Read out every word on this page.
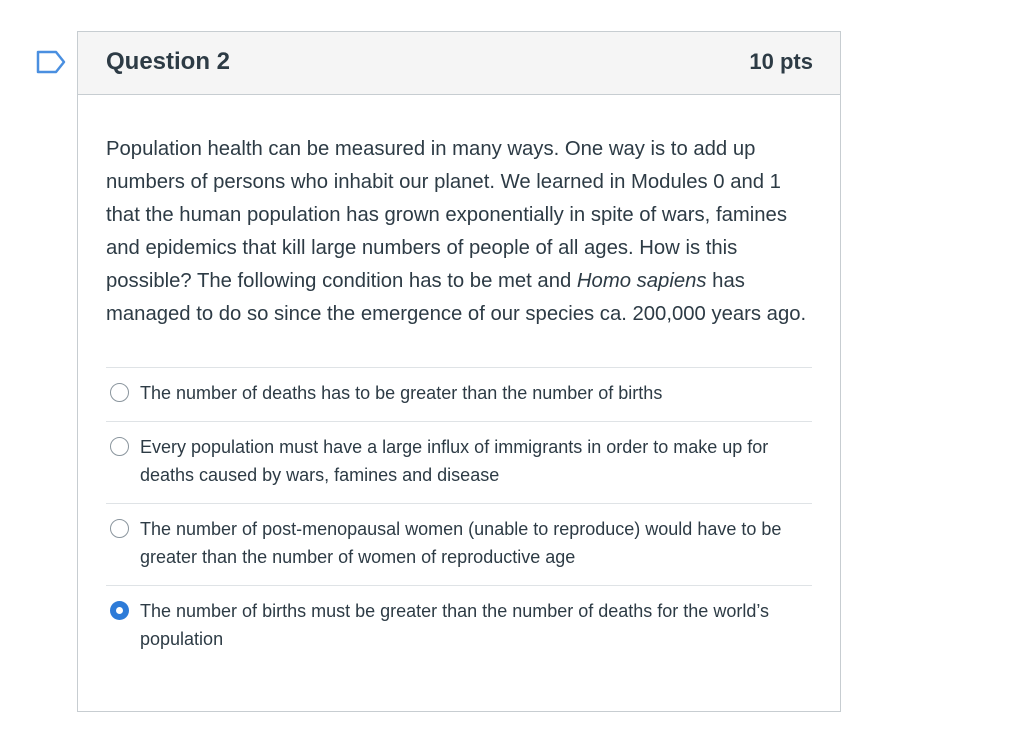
Question 2	10 pts

Population health can be measured in many ways. One way is to add up numbers of persons who inhabit our planet. We learned in Modules 0 and 1 that the human population has grown exponentially in spite of wars, famines and epidemics that kill large numbers of people of all ages. How is this possible? The following condition has to be met and Homo sapiens has managed to do so since the emergence of our species ca. 200,000 years ago.

The number of deaths has to be greater than the number of births
Every population must have a large influx of immigrants in order to make up for deaths caused by wars, famines and disease
The number of post-menopausal women (unable to reproduce) would have to be greater than the number of women of reproductive age
The number of births must be greater than the number of deaths for the world’s population
